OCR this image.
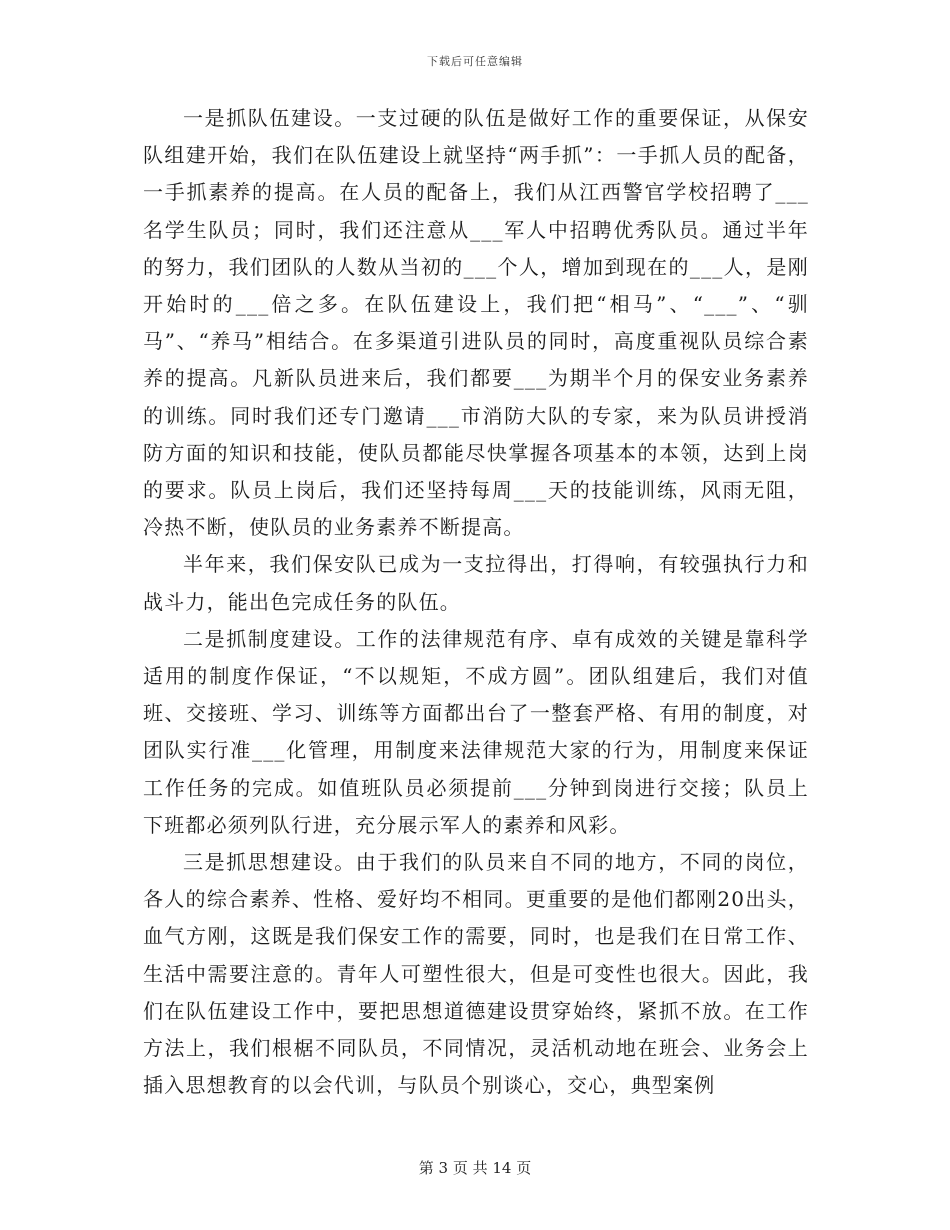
下载后可任意编辑

一是抓队伍建设。一支过硬的队伍是做好工作的重要保证，从保安队组建开始，我们在队伍建设上就坚持“两手抓”：一手抓人员的配备，一手抓素养的提高。在人员的配备上，我们从江西警官学校招聘了___名学生队员；同时，我们还注意从___军人中招聘优秀队员。通过半年的努力，我们团队的人数从当初的___个人，增加到现在的___人，是刚开始时的___倍之多。在队伍建设上，我们把“相马”、“___”、“驯马”、“养马”相结合。在多渠道引进队员的同时，高度重视队员综合素养的提高。凡新队员进来后，我们都要___为期半个月的保安业务素养的训练。同时我们还专门邀请___市消防大队的专家，来为队员讲授消防方面的知识和技能，使队员都能尽快掌握各项基本的本领，达到上岗的要求。队员上岗后，我们还坚持每周___天的技能训练，风雨无阻，冷热不断，使队员的业务素养不断提高。

半年来，我们保安队已成为一支拉得出，打得响，有较强执行力和战斗力，能出色完成任务的队伍。

二是抓制度建设。工作的法律规范有序、卓有成效的关键是靠科学适用的制度作保证，“不以规矩，不成方圆”。团队组建后，我们对值班、交接班、学习、训练等方面都出台了一整套严格、有用的制度，对团队实行准___化管理，用制度来法律规范大家的行为，用制度来保证工作任务的完成。如值班队员必须提前___分钟到岗进行交接；队员上下班都必须列队行进，充分展示军人的素养和风彩。

三是抓思想建设。由于我们的队员来自不同的地方，不同的岗位，各人的综合素养、性格、爱好均不相同。更重要的是他们都刚20出头，血气方刚，这既是我们保安工作的需要，同时，也是我们在日常工作、生活中需要注意的。青年人可塑性很大，但是可变性也很大。因此，我们在队伍建设工作中，要把思想道德建设贯穿始终，紧抓不放。在工作方法上，我们根椐不同队员，不同情况，灵活机动地在班会、业务会上插入思想教育的以会代训，与队员个别谈心，交心，典型案例

第 3 页 共 14 页
